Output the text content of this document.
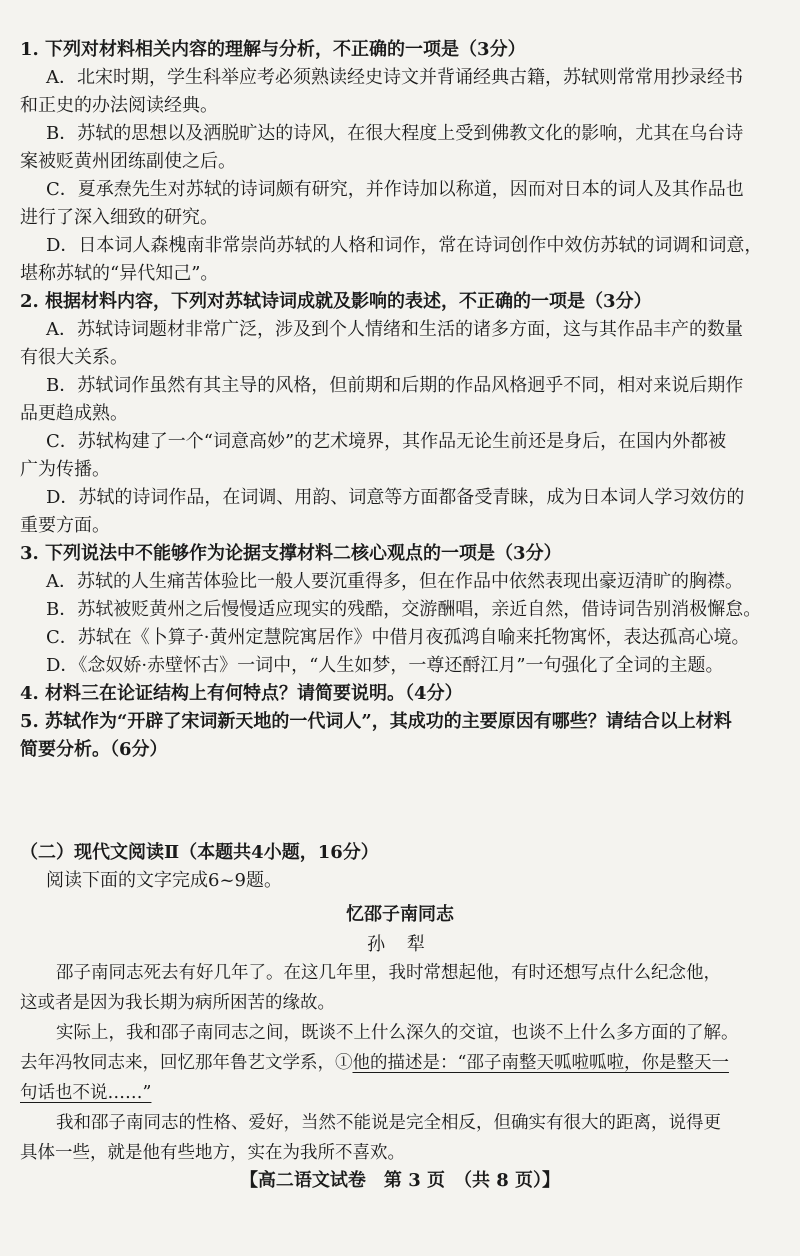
1. 下列对材料相关内容的理解与分析，不正确的一项是（3分）
A．北宋时期，学生科举应考必须熟读经史诗文并背诵经典古籍，苏轼则常常用抄录经书
和正史的办法阅读经典。
B．苏轼的思想以及洒脱旷达的诗风，在很大程度上受到佛教文化的影响，尤其在乌台诗
案被贬黄州团练副使之后。
C．夏承焘先生对苏轼的诗词颇有研究，并作诗加以称道，因而对日本的词人及其作品也
进行了深入细致的研究。
D．日本词人森槐南非常崇尚苏轼的人格和词作，常在诗词创作中效仿苏轼的词调和词意，
堪称苏轼的“异代知己”。
2. 根据材料内容，下列对苏轼诗词成就及影响的表述，不正确的一项是（3分）
A．苏轼诗词题材非常广泛，涉及到个人情绪和生活的诸多方面，这与其作品丰产的数量
有很大关系。
B．苏轼词作虽然有其主导的风格，但前期和后期的作品风格迥乎不同，相对来说后期作
品更趋成熟。
C．苏轼构建了一个“词意高妙”的艺术境界，其作品无论生前还是身后，在国内外都被
广为传播。
D．苏轼的诗词作品，在词调、用韵、词意等方面都备受青睐，成为日本词人学习效仿的
重要方面。
3. 下列说法中不能够作为论据支撑材料二核心观点的一项是（3分）
A．苏轼的人生痛苦体验比一般人要沉重得多，但在作品中依然表现出豪迈清旷的胸襟。
B．苏轼被贬黄州之后慢慢适应现实的残酷，交游酬唱，亲近自然，借诗词告别消极懈怠。
C．苏轼在《卜算子·黄州定慧院寓居作》中借月夜孤鸿自喻来托物寓怀，表达孤高心境。
D．《念奴娇·赤壁怀古》一词中，“人生如梦，一尊还酹江月”一句强化了全词的主题。
4. 材料三在论证结构上有何特点？请简要说明。（4分）
5. 苏轼作为“开辟了宋词新天地的一代词人”，其成功的主要原因有哪些？请结合以上材料
简要分析。（6分）
（二）现代文阅读Ⅱ（本题共4小题，16分）
阅读下面的文字完成6~9题。
忆邵子南同志
孙 犁
邵子南同志死去有好几年了。在这几年里，我时常想起他，有时还想写点什么纪念他，
这或者是因为我长期为病所困苦的缘故。
实际上，我和邵子南同志之间，既谈不上什么深久的交谊，也谈不上什么多方面的了解。
去年冯牧同志来，回忆那年鲁艺文学系，①他的描述是：“邵子南整天呱啦呱啦，你是整天一
句话也不说……”
我和邵子南同志的性格、爱好，当然不能说是完全相反，但确实有很大的距离，说得更
具体一些，就是他有些地方，实在为我所不喜欢。
【高二语文试卷　第 3 页　（共 8 页）】
